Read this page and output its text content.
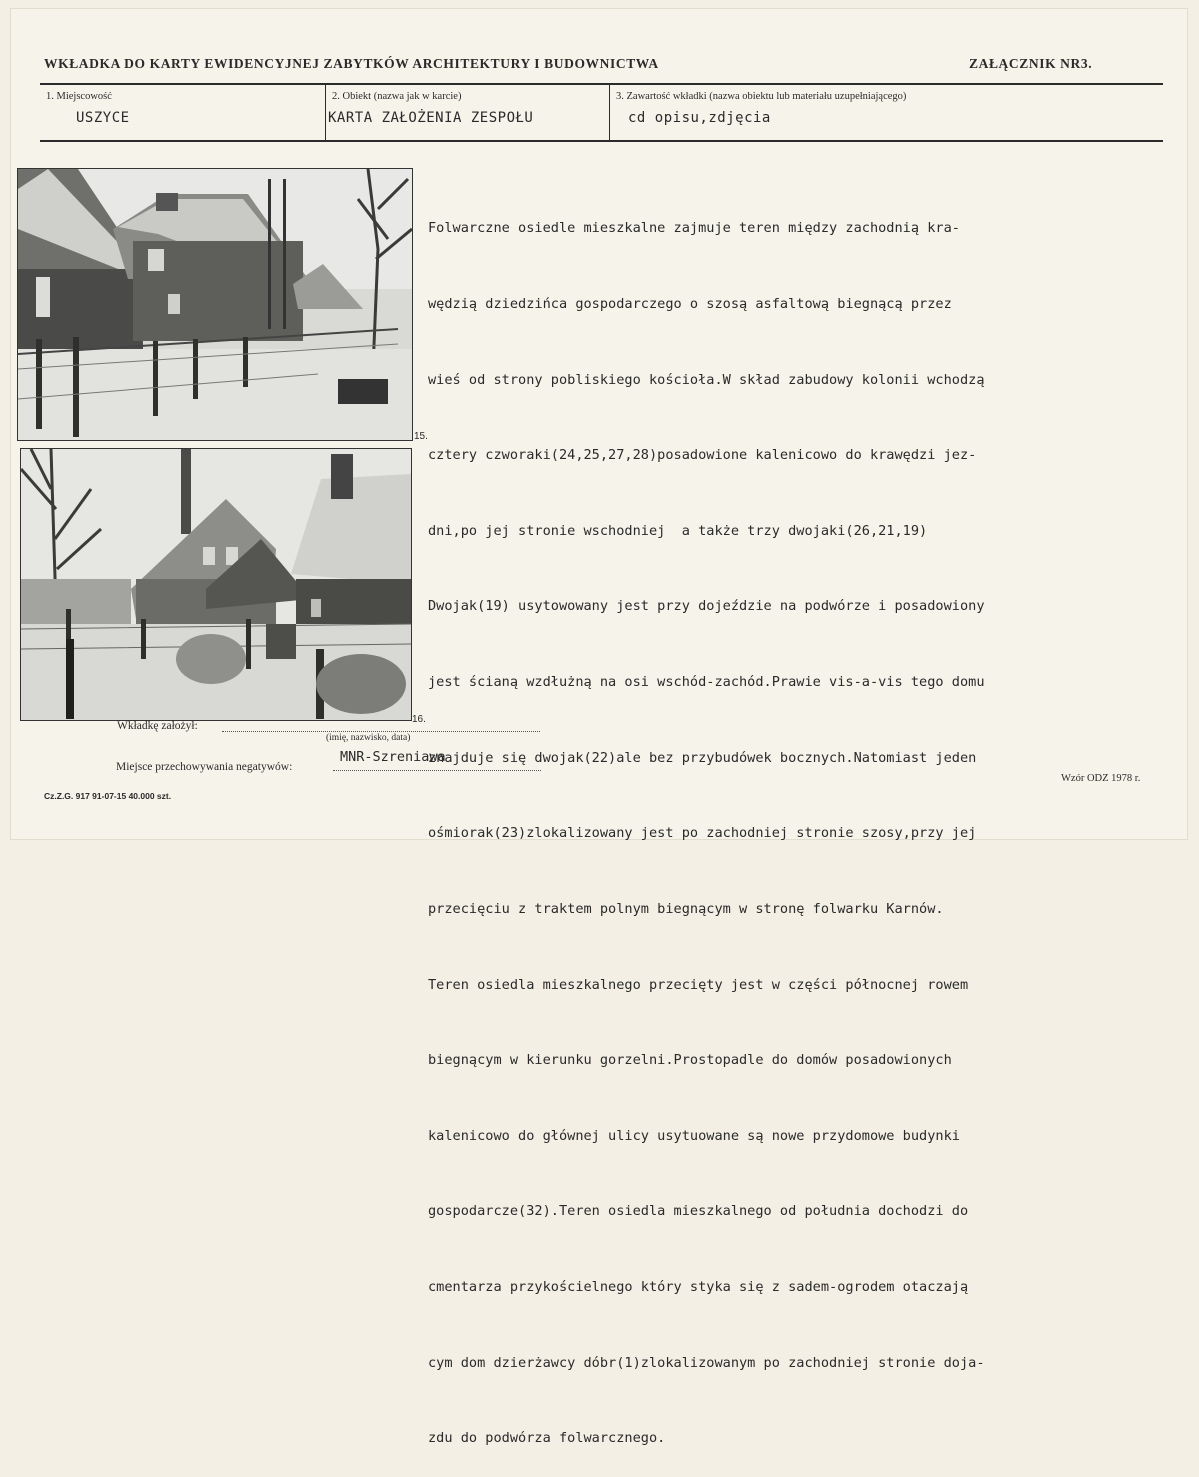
WKŁADKA DO KARTY EWIDENCYJNEJ ZABYTKÓW ARCHITEKTURY I BUDOWNICTWA	ZAŁĄCZNIK NR3.
1. Miejscowość
USZYCE
2. Obiekt (nazwa jak w karcie)
KARTA ZAŁOŻENIA ZESPOŁU
3. Zawartość wkładki (nazwa obiektu lub materiału uzupełniającego)
cd opisu,zdjęcia
15.
16.

Folwarczne osiedle mieszkalne zajmuje teren między zachodnią kra-

wędzią dziedzińca gospodarczego o szosą asfaltową biegnącą przez

wieś od strony pobliskiego kościoła.W skład zabudowy kolonii wchodzą

cztery czworaki(24,25,27,28)posadowione kalenicowo do krawędzi jez-

dni,po jej stronie wschodniej  a także trzy dwojaki(26,21,19)

Dwojak(19) usytowowany jest przy dojeździe na podwórze i posadowiony

jest ścianą wzdłużną na osi wschód-zachód.Prawie vis-a-vis tego domu

znajduje się dwojak(22)ale bez przybudówek bocznych.Natomiast jeden

ośmiorak(23)zlokalizowany jest po zachodniej stronie szosy,przy jej

przecięciu z traktem polnym biegnącym w stronę folwarku Karnów.

Teren osiedla mieszkalnego przecięty jest w części północnej rowem

biegnącym w kierunku gorzelni.Prostopadle do domów posadowionych

kalenicowo do głównej ulicy usytuowane są nowe przydomowe budynki

gospodarcze(32).Teren osiedla mieszkalnego od południa dochodzi do

cmentarza przykościelnego który styka się z sadem-ogrodem otaczają

cym dom dzierżawcy dóbr(1)zlokalizowanym po zachodniej stronie doja-

zdu do podwórza folwarcznego.

Wkładkę założył:
(imię, nazwisko, data)
Miejsce przechowywania negatywów:
MNR-Szreniawa
Cz.Z.G. 917 91-07-15 40.000 szt.
Wzór ODZ 1978 r.
